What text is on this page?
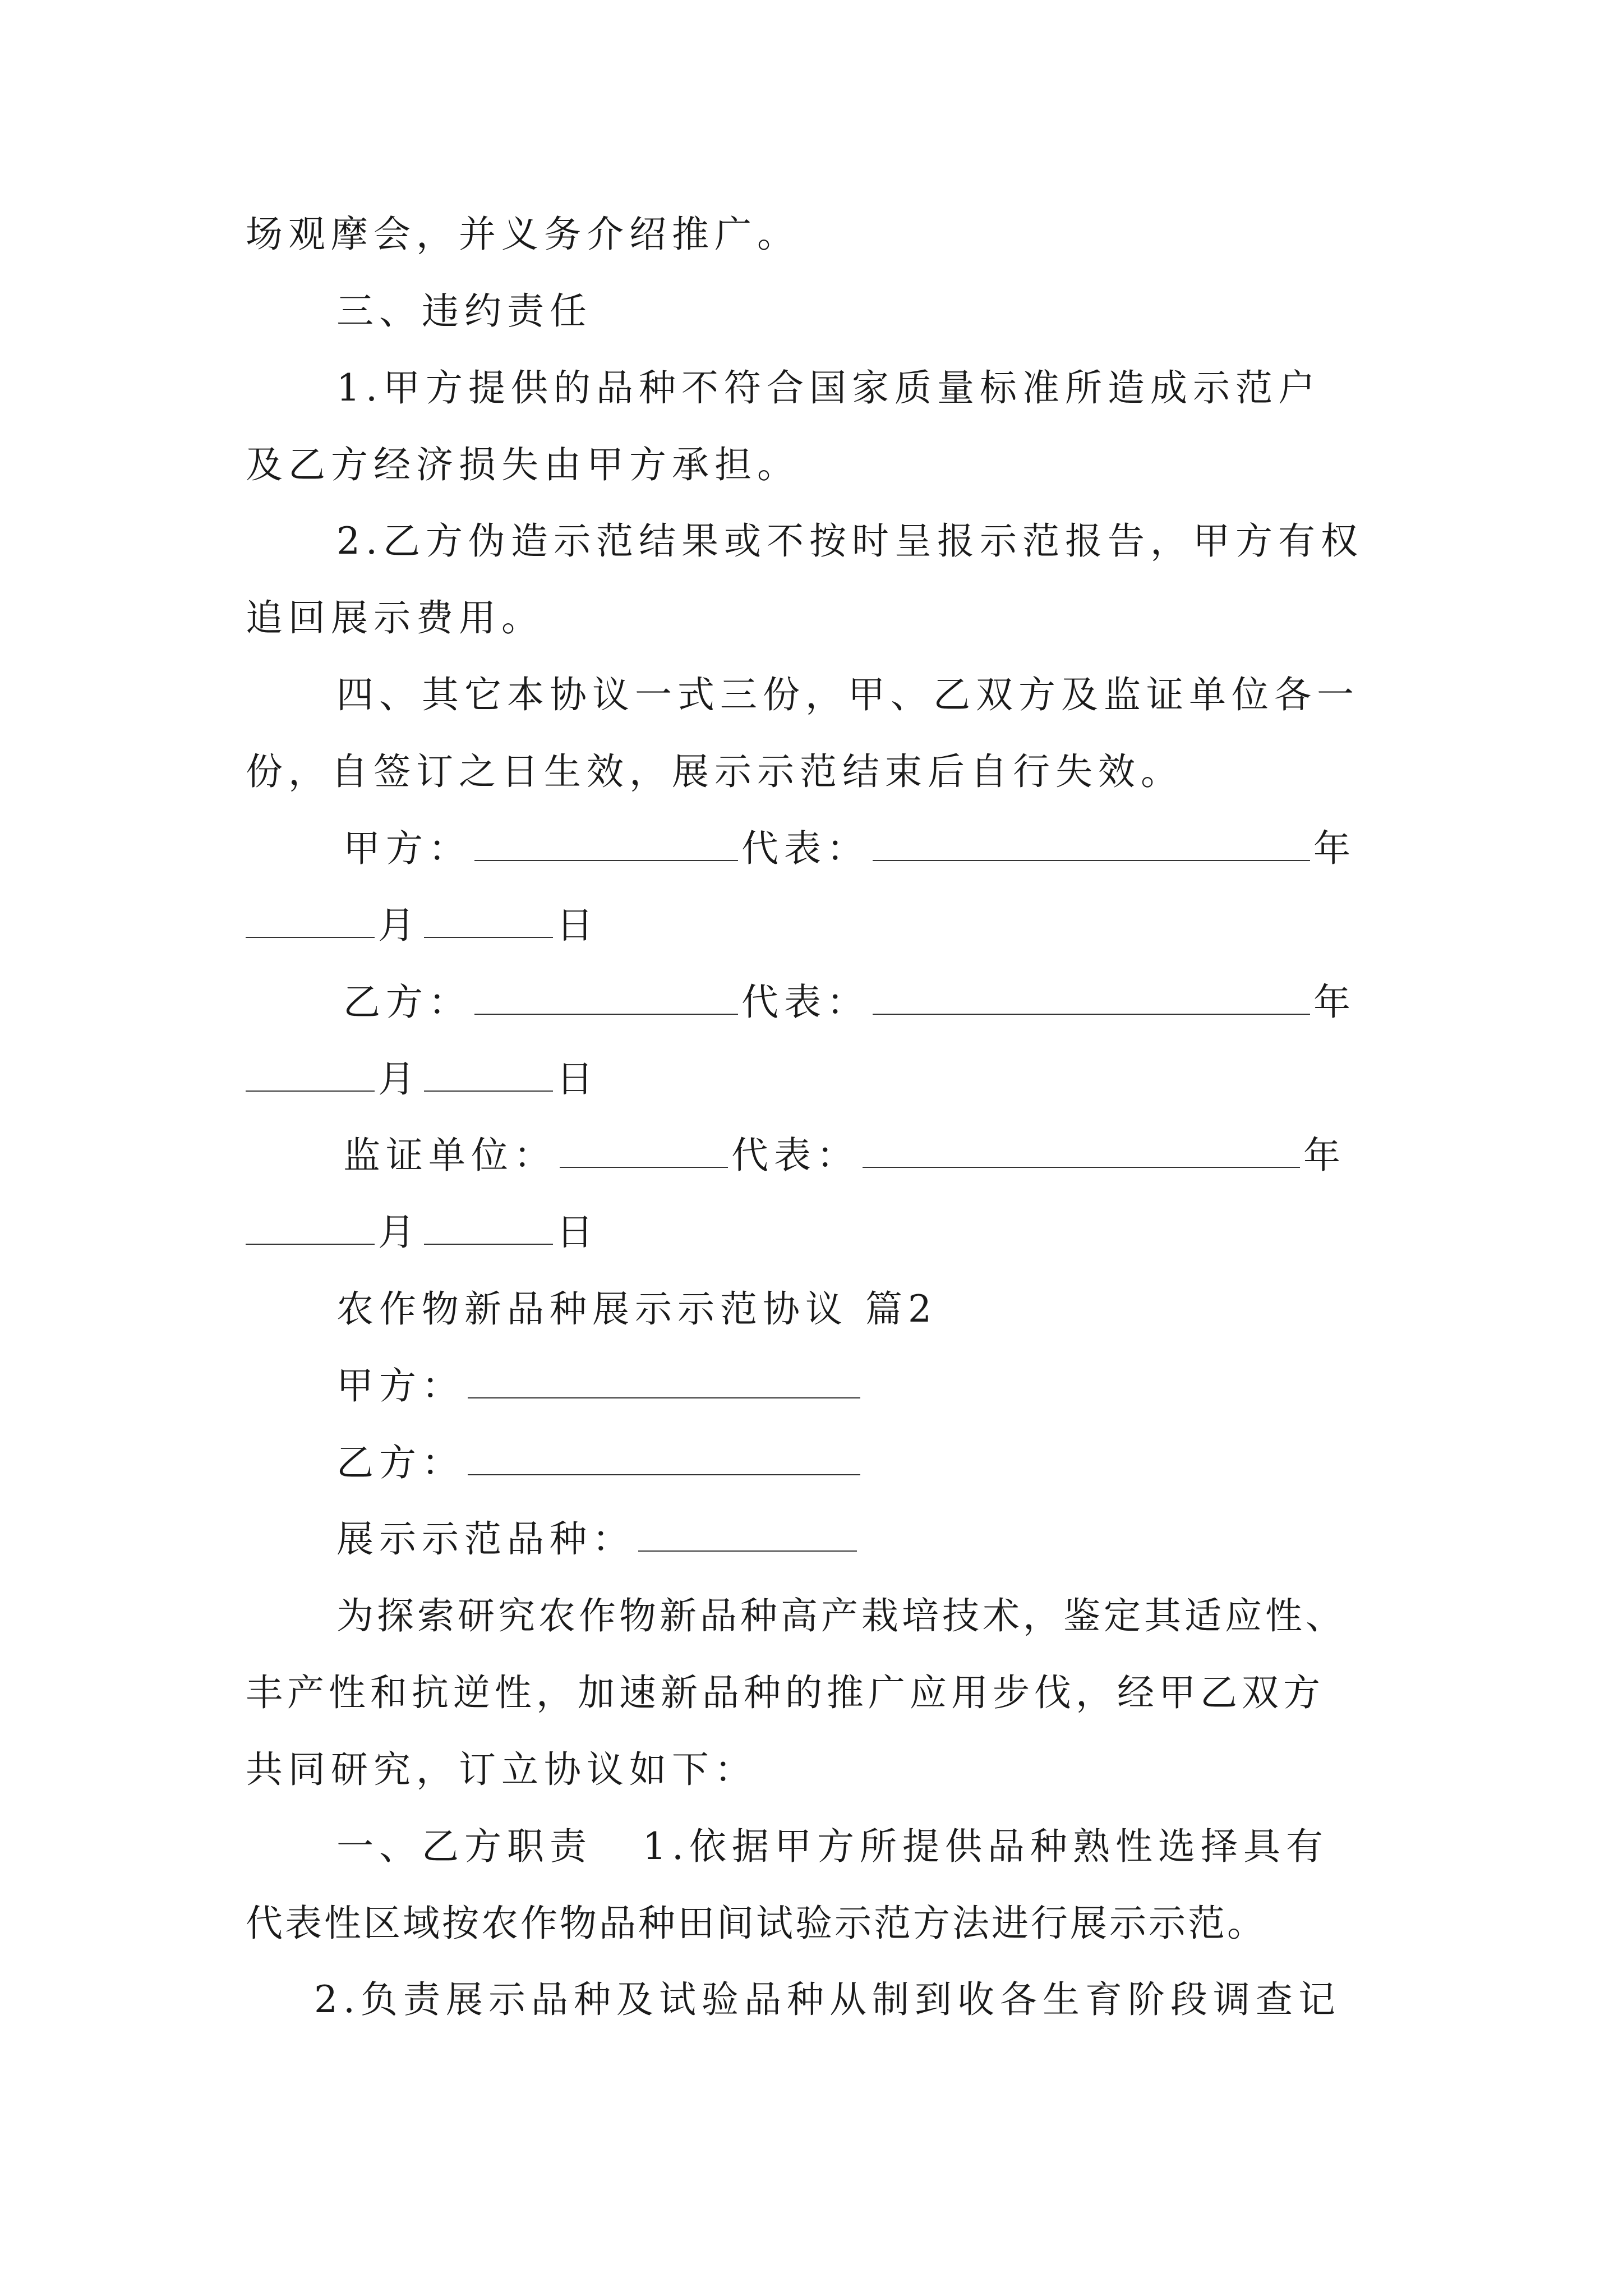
场观摩会，并义务介绍推广。
三、违约责任
1.甲方提供的品种不符合国家质量标准所造成示范户
及乙方经济损失由甲方承担。
2.乙方伪造示范结果或不按时呈报示范报告，甲方有权
追回展示费用。
四、其它本协议一式三份，甲、乙双方及监证单位各一
份，自签订之日生效，展示示范结束后自行失效。
甲方：	代表：	年
月	日
乙方：	代表：	年
月	日
监证单位：	代表：	年
月	日
农作物新品种展示示范协议 篇2
甲方：
乙方：
展示示范品种：
为探索研究农作物新品种高产栽培技术，鉴定其适应性、
丰产性和抗逆性，加速新品种的推广应用步伐，经甲乙双方
共同研究，订立协议如下：
一、乙方职责 1.依据甲方所提供品种熟性选择具有
代表性区域按农作物品种田间试验示范方法进行展示示范。
2.负责展示品种及试验品种从制到收各生育阶段调查记
